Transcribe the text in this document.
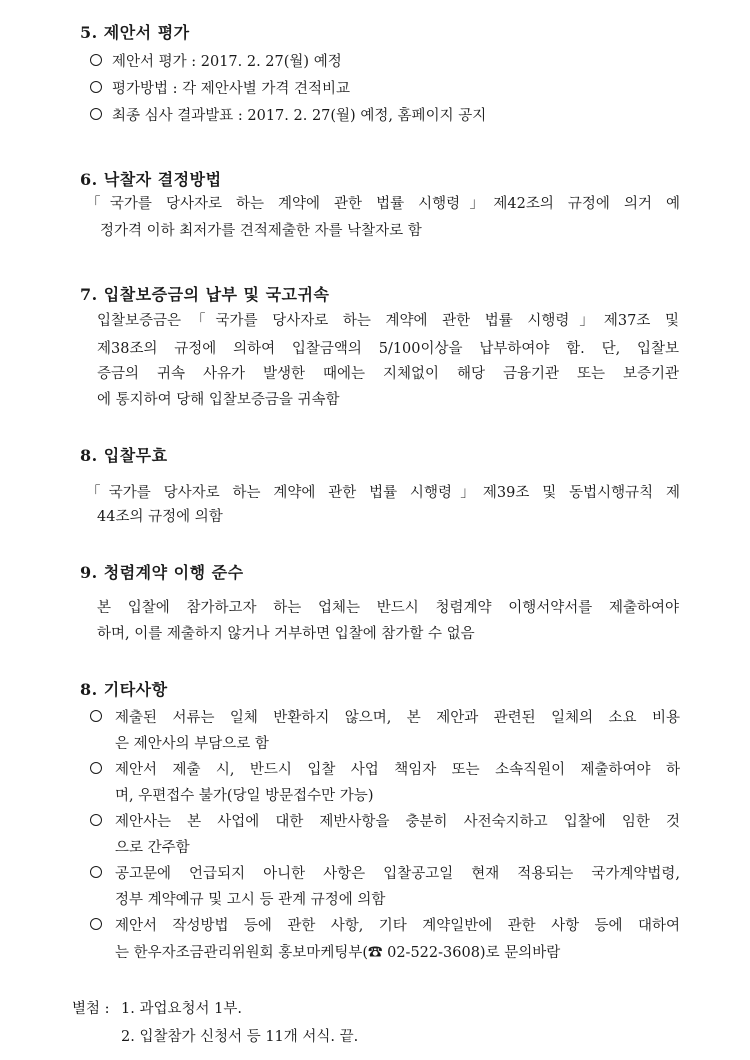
5. 제안서 평가
제안서 평가 : 2017. 2. 27(월) 예정
평가방법 : 각 제안사별 가격 견적비교
최종 심사 결과발표 : 2017. 2. 27(월) 예정, 홈페이지 공지
6. 낙찰자 결정방법
「국가를 당사자로 하는 계약에 관한 법률 시행령」제42조의 규정에 의거 예
정가격 이하 최저가를 견적제출한 자를 낙찰자로 함
7. 입찰보증금의 납부 및 국고귀속
입찰보증금은「국가를 당사자로 하는 계약에 관한 법률 시행령」제37조 및
제38조의 규정에 의하여 입찰금액의 5/100이상을 납부하여야 함. 단, 입찰보
증금의 귀속 사유가 발생한 때에는 지체없이 해당 금융기관 또는 보증기관
에 통지하여 당해 입찰보증금을 귀속함
8. 입찰무효
「국가를 당사자로 하는 계약에 관한 법률 시행령」제39조 및 동법시행규칙 제
44조의 규정에 의함
9. 청렴계약 이행 준수
본 입찰에 참가하고자 하는 업체는 반드시 청렴계약 이행서약서를 제출하여야
하며, 이를 제출하지 않거나 거부하면 입찰에 참가할 수 없음
8. 기타사항
제출된 서류는 일체 반환하지 않으며, 본 제안과 관련된 일체의 소요 비용
은 제안사의 부담으로 함
제안서 제출 시, 반드시 입찰 사업 책임자 또는 소속직원이 제출하여야 하
며, 우편접수 불가(당일 방문접수만 가능)
제안사는 본 사업에 대한 제반사항을 충분히 사전숙지하고 입찰에 임한 것
으로 간주함
공고문에 언급되지 아니한 사항은 입찰공고일 현재 적용되는 국가계약법령,
정부 계약예규 및 고시 등 관계 규정에 의함
제안서 작성방법 등에 관한 사항, 기타 계약일반에 관한 사항 등에 대하여
는 한우자조금관리위원회 홍보마케팅부(☎ 02-522-3608)로 문의바람
별첨 : 1. 과업요청서 1부.
2. 입찰참가 신청서 등 11개 서식. 끝.
